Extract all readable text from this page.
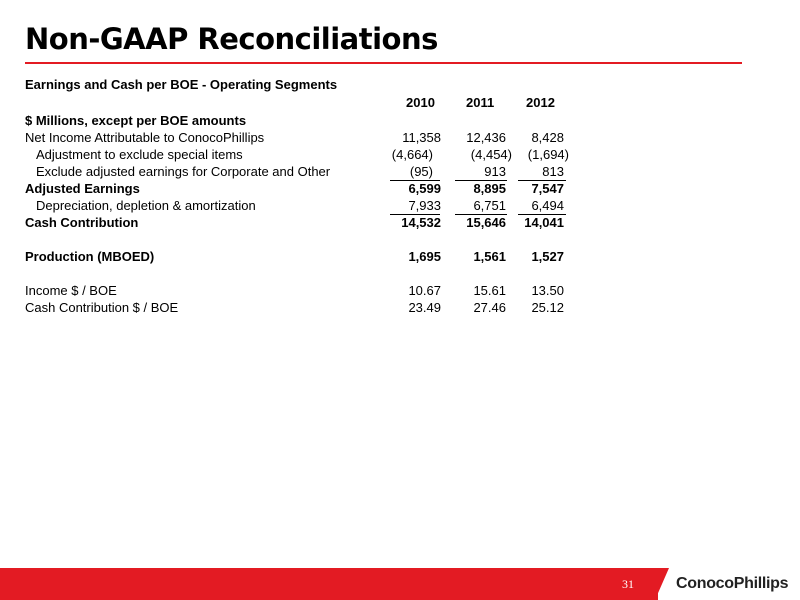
Non-GAAP Reconciliations
Earnings and Cash per BOE - Operating Segments
2010 2011 2012
$ Millions, except per BOE amounts
Net Income Attributable to ConocoPhillips	11,358	12,436	8,428
Adjustment to exclude special items	(4,664)	(4,454)	(1,694)
Exclude adjusted earnings for Corporate and Other	(95)	913	813
Adjusted Earnings	6,599	8,895	7,547
Depreciation, depletion & amortization	7,933	6,751	6,494
Cash Contribution	14,532	15,646	14,041
Production (MBOED)	1,695	1,561	1,527
Income $ / BOE	10.67	15.61	13.50
Cash Contribution $ / BOE	23.49	27.46	25.12
31	ConocoPhillips
